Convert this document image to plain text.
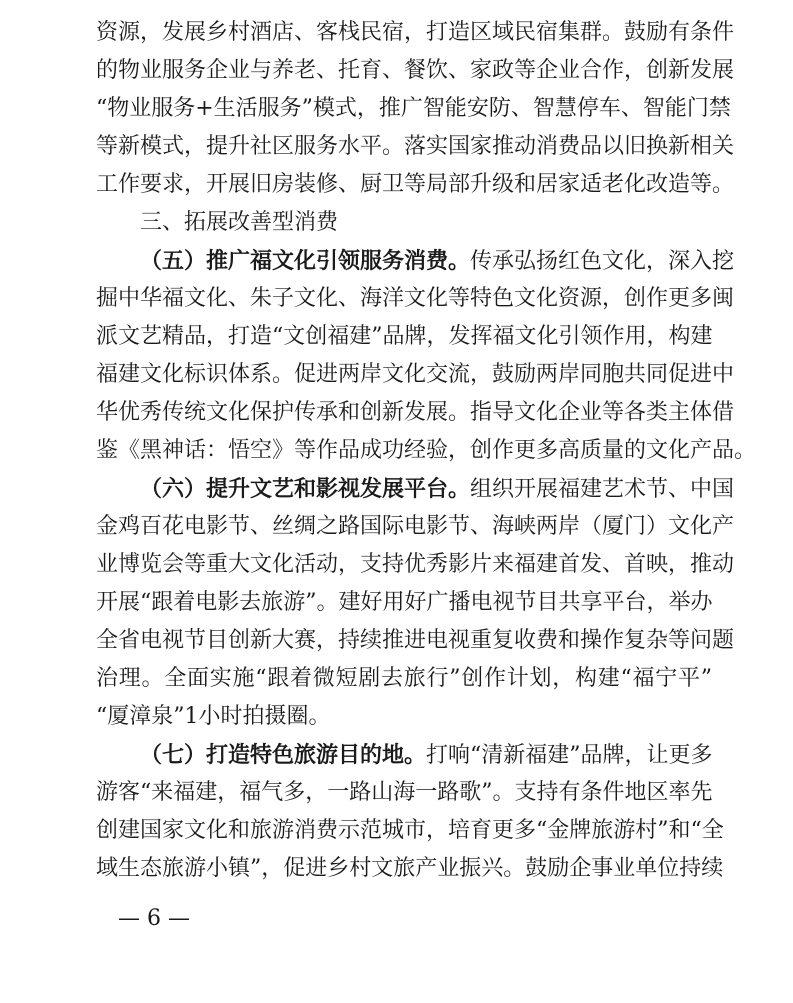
资源，发展乡村酒店、客栈民宿，打造区域民宿集群。鼓励有条件
的物业服务企业与养老、托育、餐饮、家政等企业合作，创新发展
“物业服务+生活服务”模式，推广智能安防、智慧停车、智能门禁
等新模式，提升社区服务水平。落实国家推动消费品以旧换新相关
工作要求，开展旧房装修、厨卫等局部升级和居家适老化改造等。
三、拓展改善型消费
（五）推广福文化引领服务消费。传承弘扬红色文化，深入挖
掘中华福文化、朱子文化、海洋文化等特色文化资源，创作更多闽
派文艺精品，打造“文创福建”品牌，发挥福文化引领作用，构建
福建文化标识体系。促进两岸文化交流，鼓励两岸同胞共同促进中
华优秀传统文化保护传承和创新发展。指导文化企业等各类主体借
鉴《黑神话：悟空》等作品成功经验，创作更多高质量的文化产品。
（六）提升文艺和影视发展平台。组织开展福建艺术节、中国
金鸡百花电影节、丝绸之路国际电影节、海峡两岸（厦门）文化产
业博览会等重大文化活动，支持优秀影片来福建首发、首映，推动
开展“跟着电影去旅游”。建好用好广播电视节目共享平台，举办
全省电视节目创新大赛，持续推进电视重复收费和操作复杂等问题
治理。全面实施“跟着微短剧去旅行”创作计划，构建“福宁平”
“厦漳泉”1小时拍摄圈。
（七）打造特色旅游目的地。打响“清新福建”品牌，让更多
游客“来福建，福气多，一路山海一路歌”。支持有条件地区率先
创建国家文化和旅游消费示范城市，培育更多“金牌旅游村”和“全
域生态旅游小镇”，促进乡村文旅产业振兴。鼓励企事业单位持续
— 6 —
